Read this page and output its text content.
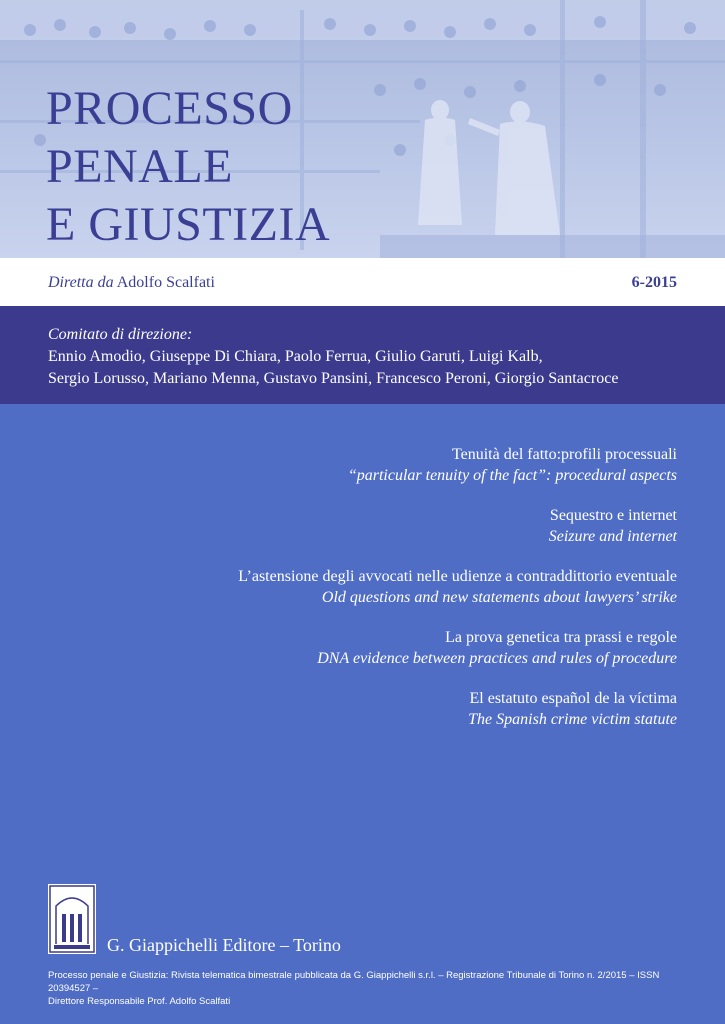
PROCESSO
PENALE
E GIUSTIZIA
Diretta da Adolfo Scalfati	6-2015
Comitato di direzione:
Ennio Amodio, Giuseppe Di Chiara, Paolo Ferrua, Giulio Garuti, Luigi Kalb,
Sergio Lorusso, Mariano Menna, Gustavo Pansini, Francesco Peroni, Giorgio Santacroce
Tenuità del fatto:profili processuali
“particular tenuity of the fact”: procedural aspects
Sequestro e internet
Seizure and internet
L’astensione degli avvocati nelle udienze a contraddittorio eventuale
Old questions and new statements about lawyers’ strike
La prova genetica tra prassi e regole
DNA evidence between practices and rules of procedure
El estatuto español de la víctima
The Spanish crime victim statute
G. Giappichelli Editore – Torino
Processo penale e Giustizia: Rivista telematica bimestrale pubblicata da G. Giappichelli s.r.l. – Registrazione Tribunale di Torino n. 2/2015 – ISSN 20394527 –
Direttore Responsabile Prof. Adolfo Scalfati
